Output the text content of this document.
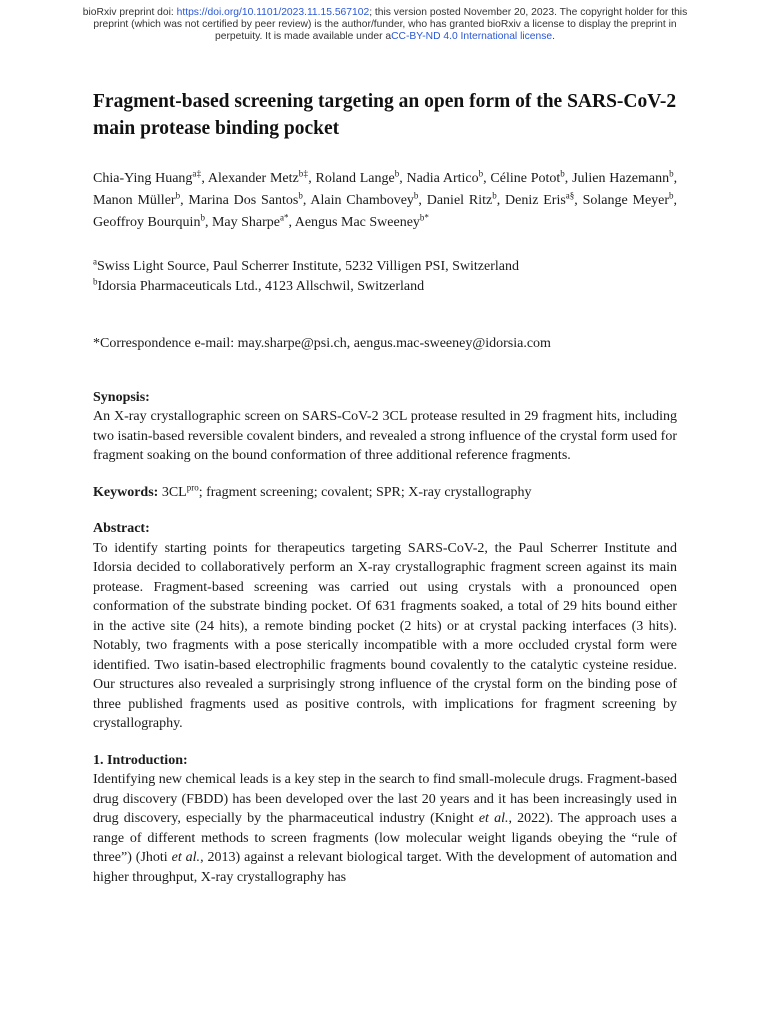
bioRxiv preprint doi: https://doi.org/10.1101/2023.11.15.567102; this version posted November 20, 2023. The copyright holder for this
preprint (which was not certified by peer review) is the author/funder, who has granted bioRxiv a license to display the preprint in
perpetuity. It is made available under aCC-BY-ND 4.0 International license.
Fragment-based screening targeting an open form of the SARS-CoV-2 main protease binding pocket
Chia-Ying Huang$^{a\ddagger}$, Alexander Metz$^{b\ddagger}$, Roland Lange$^b$, Nadia Artico$^b$, Céline Potot$^b$, Julien Hazemann$^b$, Manon Müller$^b$, Marina Dos Santos$^b$, Alain Chambovey$^b$, Daniel Ritz$^b$, Deniz Eris$^{a\S}$, Solange Meyer$^b$, Geoffroy Bourquin$^b$, May Sharpe$^{a*}$, Aengus Mac Sweeney$^{b*}$
$^a$Swiss Light Source, Paul Scherrer Institute, 5232 Villigen PSI, Switzerland
$^b$Idorsia Pharmaceuticals Ltd., 4123 Allschwil, Switzerland
*Correspondence e-mail: may.sharpe@psi.ch, aengus.mac-sweeney@idorsia.com
Synopsis:
An X-ray crystallographic screen on SARS-CoV-2 3CL protease resulted in 29 fragment hits, including two isatin-based reversible covalent binders, and revealed a strong influence of the crystal form used for fragment soaking on the bound conformation of three additional reference fragments.
Keywords: $3CL^{pro}$; fragment screening; covalent; SPR; X-ray crystallography
Abstract:
To identify starting points for therapeutics targeting SARS-CoV-2, the Paul Scherrer Institute and Idorsia decided to collaboratively perform an X-ray crystallographic fragment screen against its main protease. Fragment-based screening was carried out using crystals with a pronounced open conformation of the substrate binding pocket. Of 631 fragments soaked, a total of 29 hits bound either in the active site (24 hits), a remote binding pocket (2 hits) or at crystal packing interfaces (3 hits). Notably, two fragments with a pose sterically incompatible with a more occluded crystal form were identified. Two isatin-based electrophilic fragments bound covalently to the catalytic cysteine residue. Our structures also revealed a surprisingly strong influence of the crystal form on the binding pose of three published fragments used as positive controls, with implications for fragment screening by crystallography.
1. Introduction:
Identifying new chemical leads is a key step in the search to find small-molecule drugs. Fragment-based drug discovery (FBDD) has been developed over the last 20 years and it has been increasingly used in drug discovery, especially by the pharmaceutical industry (Knight et al., 2022). The approach uses a range of different methods to screen fragments (low molecular weight ligands obeying the “rule of three”) (Jhoti et al., 2013) against a relevant biological target. With the development of automation and higher throughput, X-ray crystallography has
